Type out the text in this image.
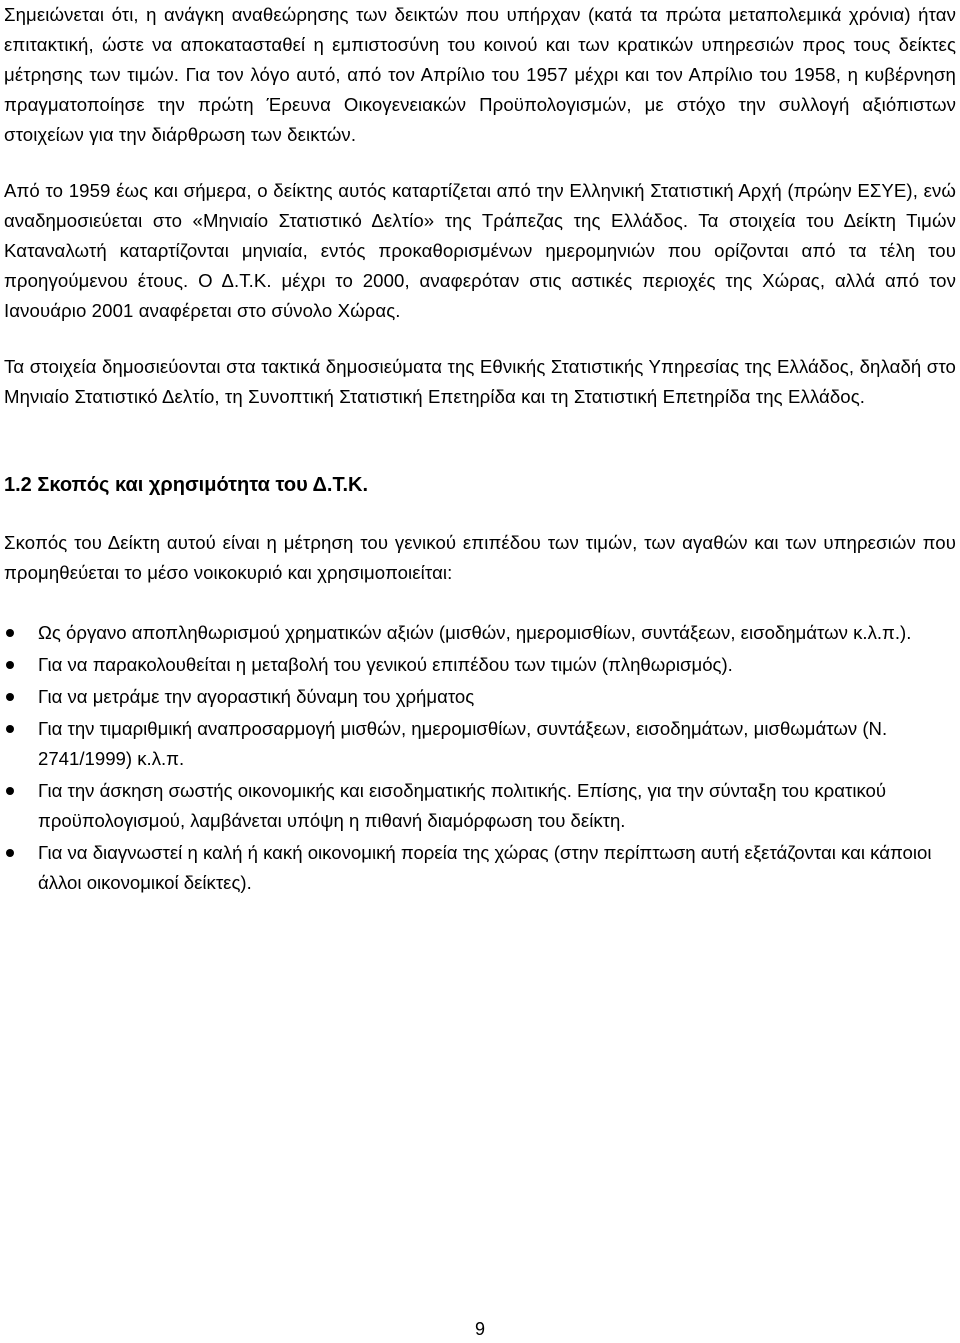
Σημειώνεται ότι, η ανάγκη αναθεώρησης των δεικτών που υπήρχαν (κατά τα πρώτα μεταπολεμικά χρόνια) ήταν επιτακτική, ώστε να αποκατασταθεί η εμπιστοσύνη του κοινού και των κρατικών υπηρεσιών προς τους δείκτες μέτρησης των τιμών. Για τον λόγο αυτό, από τον Απρίλιο του 1957 μέχρι και τον Απρίλιο του 1958, η κυβέρνηση πραγματοποίησε την πρώτη Έρευνα Οικογενειακών Προϋπολογισμών, με στόχο την συλλογή αξιόπιστων στοιχείων για την διάρθρωση των δεικτών.

Από το 1959 έως και σήμερα, ο δείκτης αυτός καταρτίζεται από την Ελληνική Στατιστική Αρχή (πρώην ΕΣΥΕ), ενώ αναδημοσιεύεται στο «Μηνιαίο Στατιστικό Δελτίο» της Τράπεζας της Ελλάδος. Τα στοιχεία του Δείκτη Τιμών Καταναλωτή καταρτίζονται μηνιαία, εντός προκαθορισμένων ημερομηνιών που ορίζονται από τα τέλη του προηγούμενου έτους. Ο Δ.Τ.Κ. μέχρι το 2000, αναφερόταν στις αστικές περιοχές της Χώρας, αλλά από τον Ιανουάριο 2001 αναφέρεται στο σύνολο Χώρας.

Τα στοιχεία δημοσιεύονται στα τακτικά δημοσιεύματα της Εθνικής Στατιστικής Υπηρεσίας της Ελλάδος, δηλαδή στο Μηνιαίο Στατιστικό Δελτίο, τη Συνοπτική Στατιστική Επετηρίδα και τη Στατιστική Επετηρίδα της Ελλάδος.

1.2 Σκοπός και χρησιμότητα του Δ.Τ.Κ.

Σκοπός του Δείκτη αυτού είναι η μέτρηση του γενικού επιπέδου των τιμών, των αγαθών και των υπηρεσιών που προμηθεύεται το μέσο νοικοκυριό και χρησιμοποιείται:

Ως όργανο αποπληθωρισμού χρηματικών αξιών (μισθών, ημερομισθίων, συντάξεων, εισοδημάτων κ.λ.π.).
Για να παρακολουθείται η μεταβολή του γενικού επιπέδου των τιμών (πληθωρισμός).
Για να μετράμε την αγοραστική δύναμη του χρήματος
Για την τιμαριθμική αναπροσαρμογή μισθών, ημερομισθίων, συντάξεων, εισοδημάτων, μισθωμάτων (Ν. 2741/1999) κ.λ.π.
Για την άσκηση σωστής οικονομικής και εισοδηματικής πολιτικής. Επίσης, για την σύνταξη του κρατικού προϋπολογισμού, λαμβάνεται υπόψη η πιθανή διαμόρφωση του δείκτη.
Για να διαγνωστεί η καλή ή κακή οικονομική πορεία της χώρας (στην περίπτωση αυτή εξετάζονται και κάποιοι άλλοι οικονομικοί δείκτες).
9
